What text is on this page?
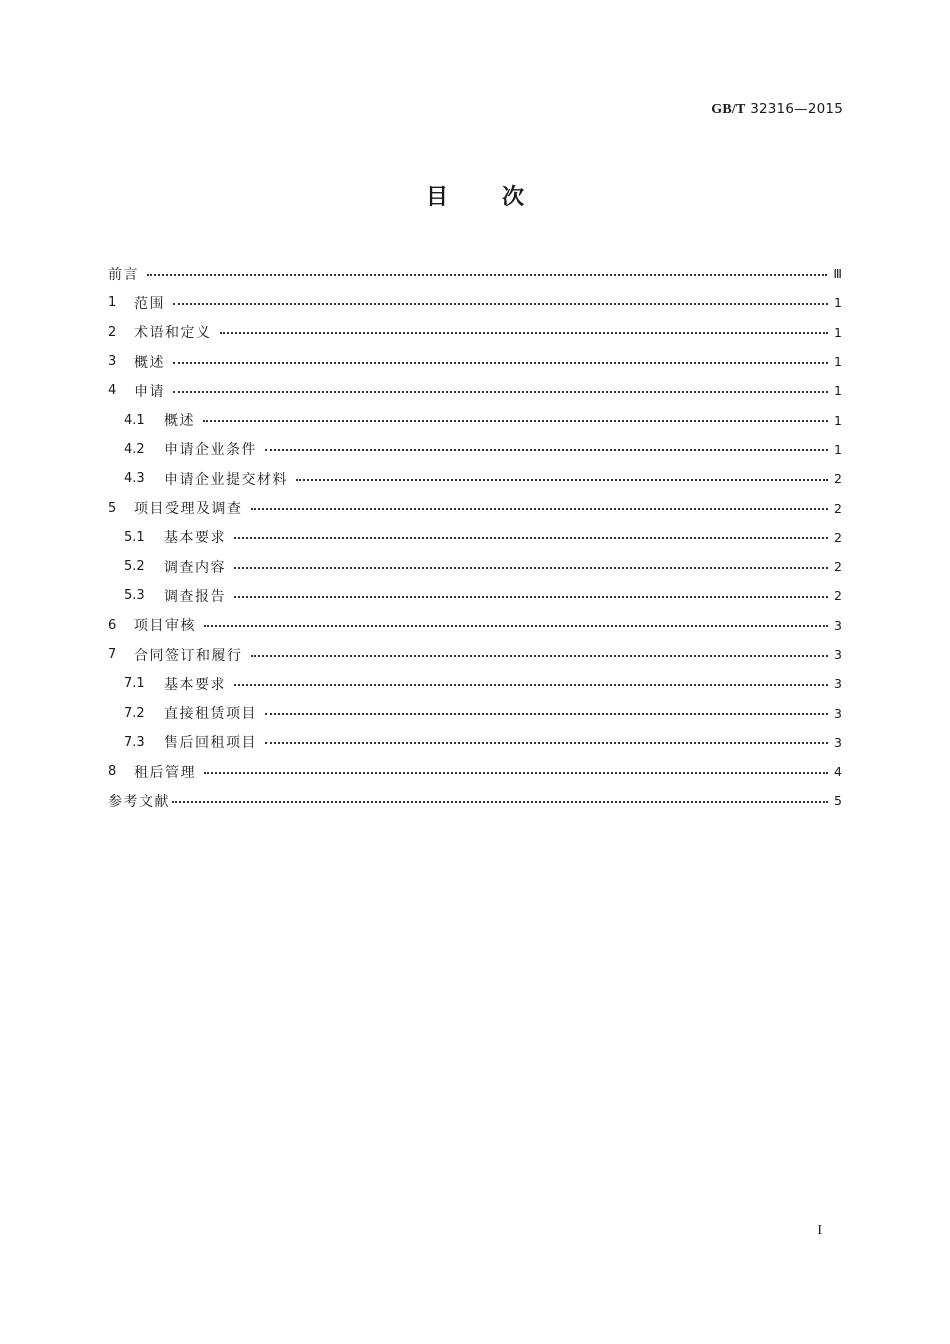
GB/T 32316—2015
目次
前言	Ⅲ
1	范围	1
2	术语和定义	1
3	概述	1
4	申请	1
4.1	概述	1
4.2	申请企业条件	1
4.3	申请企业提交材料	2
5	项目受理及调查	2
5.1	基本要求	2
5.2	调查内容	2
5.3	调查报告	2
6	项目审核	3
7	合同签订和履行	3
7.1	基本要求	3
7.2	直接租赁项目	3
7.3	售后回租项目	3
8	租后管理	4
参考文献	5
I
